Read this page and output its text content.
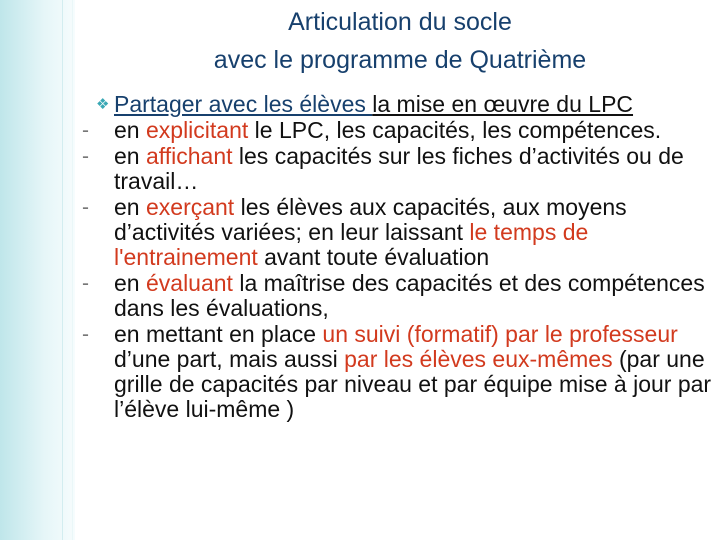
Articulation du socle
avec le programme de Quatrième
❖ Partager avec les élèves la mise en œuvre du LPC
- en explicitant le LPC, les capacités, les compétences.
- en affichant les capacités sur les fiches d’activités ou de travail…
- en exerçant les élèves aux capacités, aux moyens d’activités variées; en leur laissant le temps de l'entrainement avant toute évaluation
- en évaluant la maîtrise des capacités et des compétences dans les évaluations,
- en mettant en place un suivi (formatif) par le professeur d’une part, mais aussi par les élèves eux-mêmes (par une grille de capacités par niveau et par équipe mise à jour par l’élève lui-même )
